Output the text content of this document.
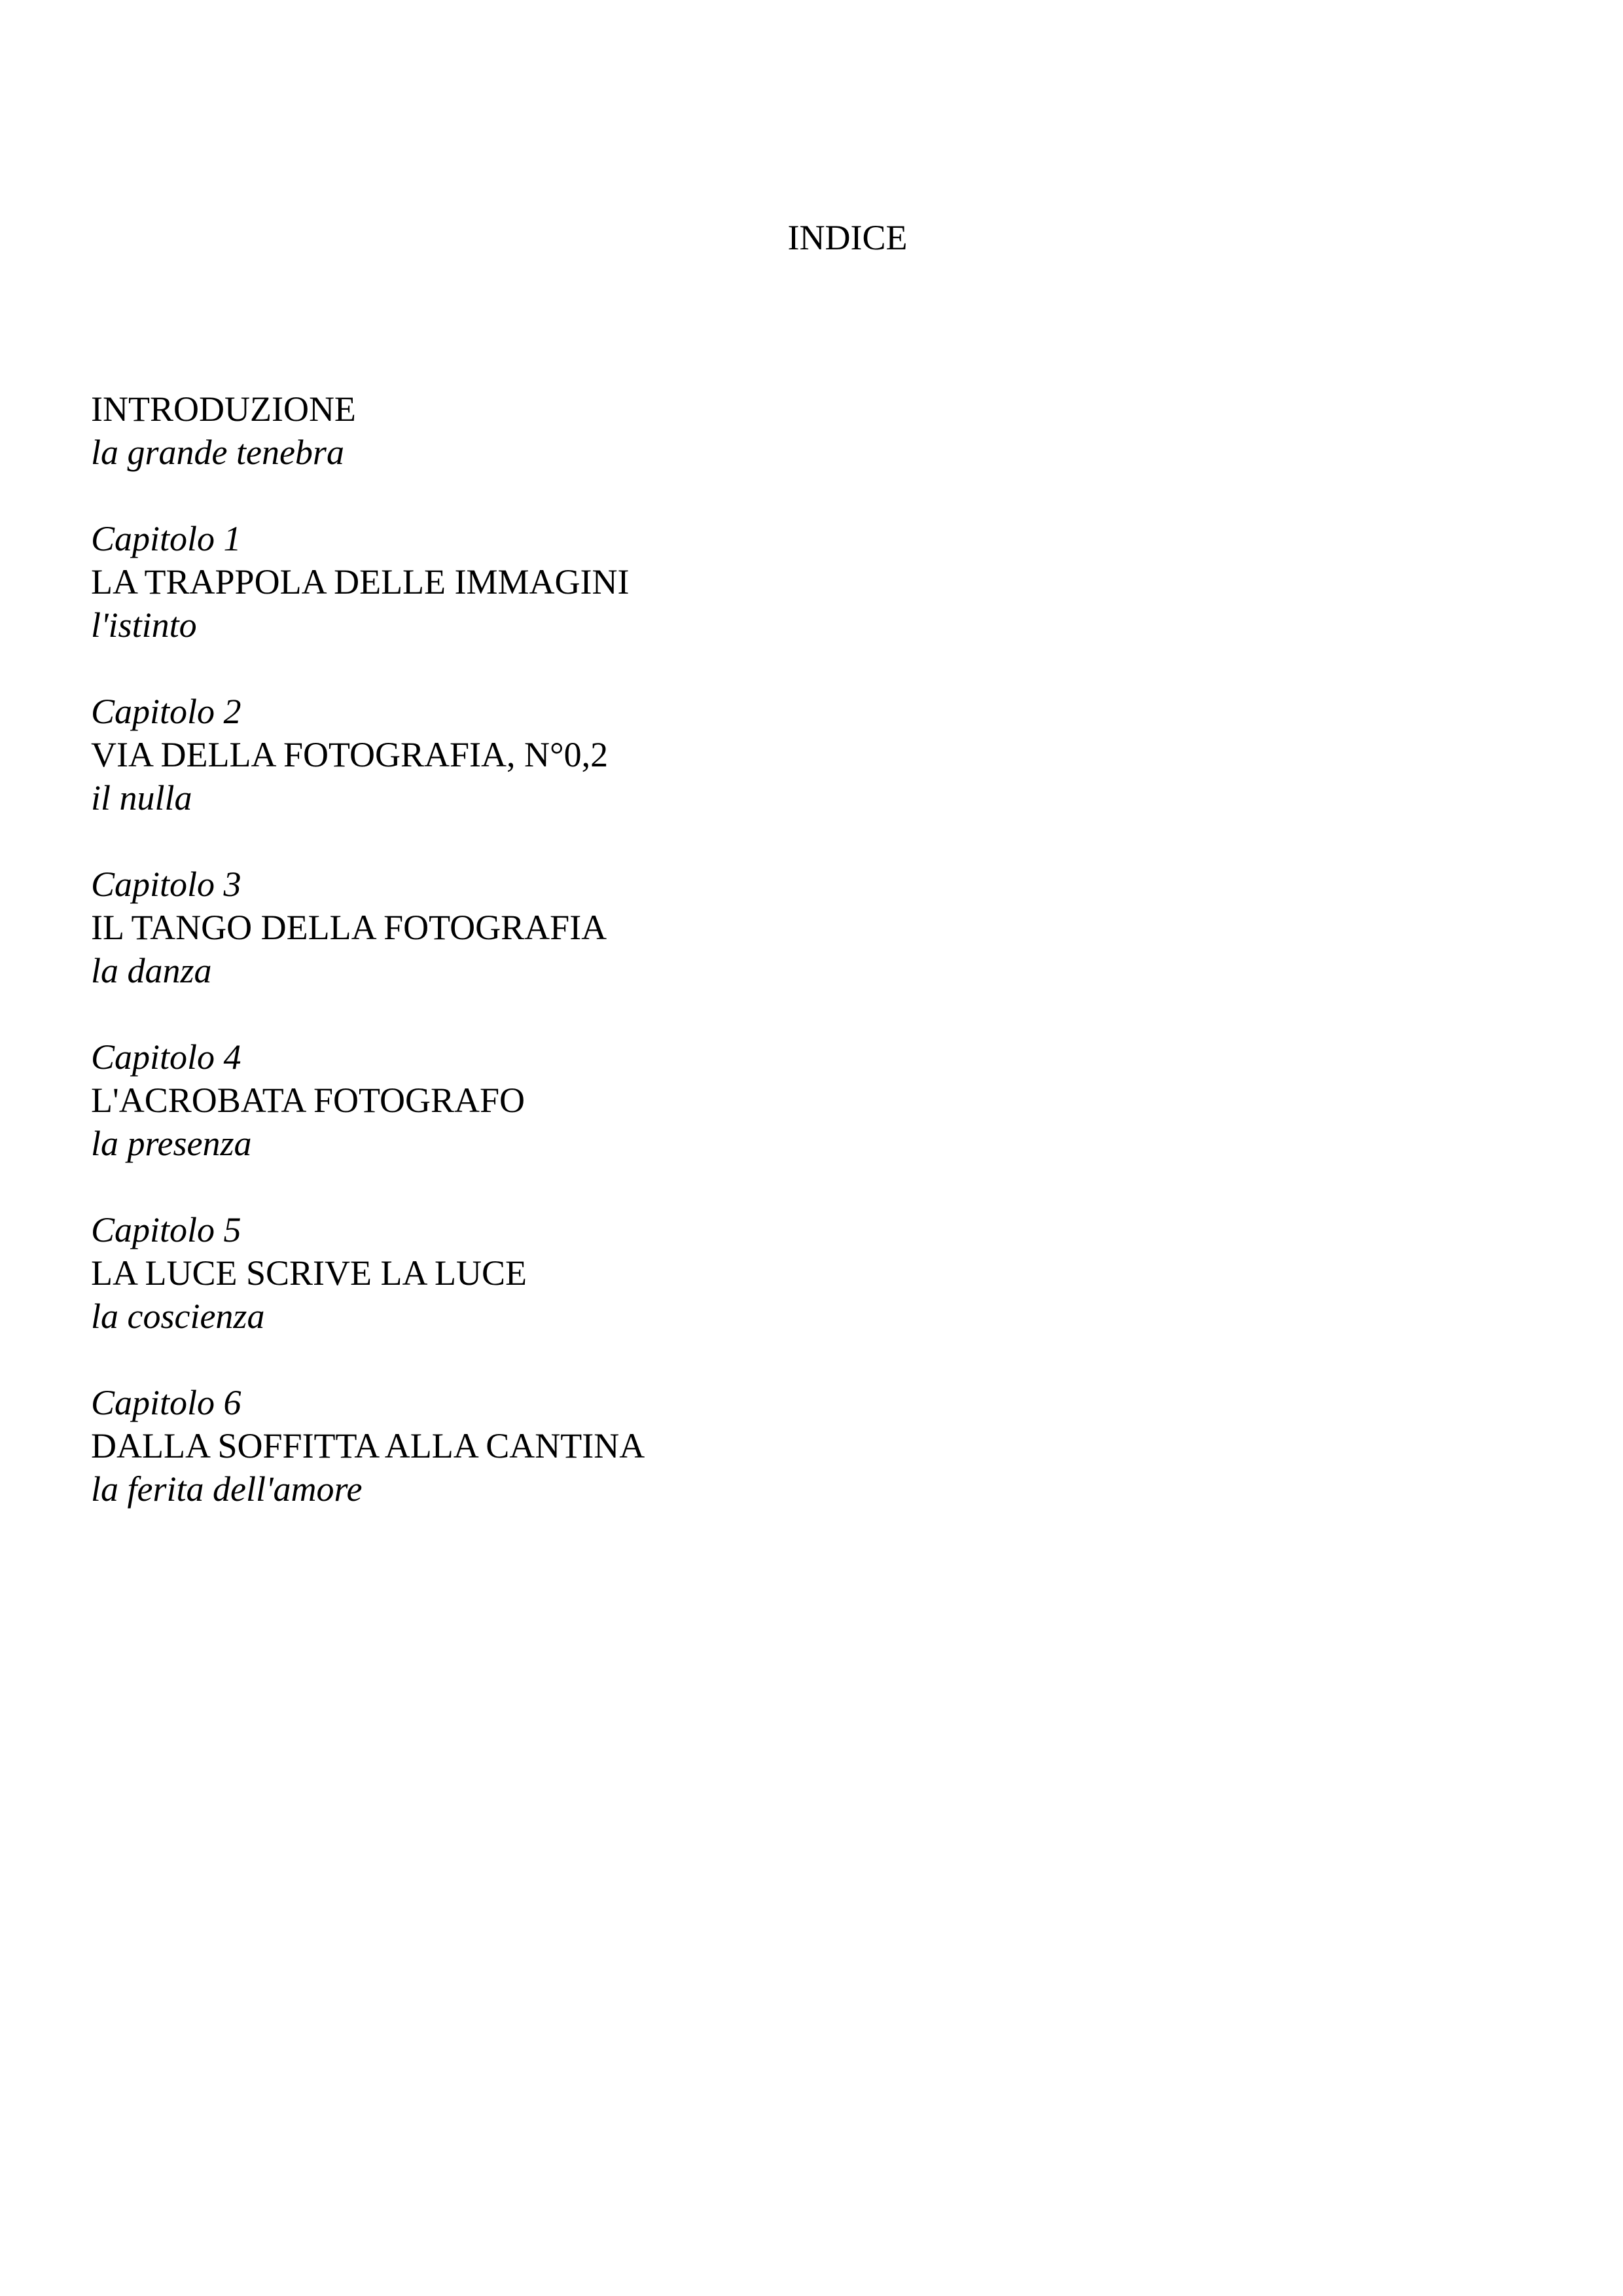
INDICE
INTRODUZIONE
la grande tenebra
Capitolo 1
LA TRAPPOLA DELLE IMMAGINI
l'istinto
Capitolo 2
VIA DELLA FOTOGRAFIA, N°0,2
il nulla
Capitolo 3
IL TANGO DELLA FOTOGRAFIA
la danza
Capitolo 4
L'ACROBATA FOTOGRAFO
la presenza
Capitolo 5
LA LUCE SCRIVE LA LUCE
la coscienza
Capitolo 6
DALLA SOFFITTA ALLA CANTINA
la ferita dell'amore
